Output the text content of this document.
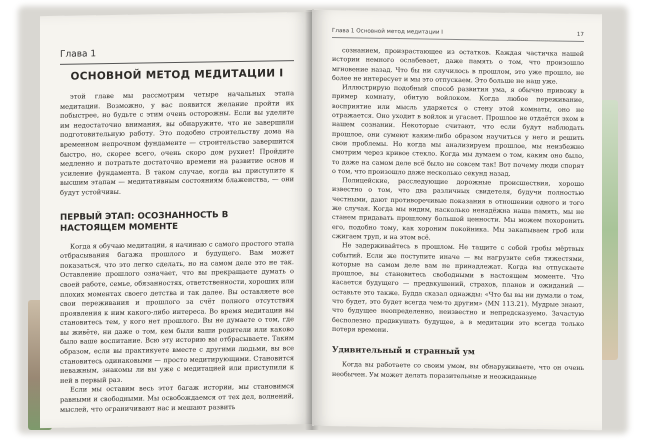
Глава 1
ОСНОВНОЙ МЕТОД МЕДИТАЦИИ I

этой главе мы рассмотрим четыре начальных этапа медитации. Возможно, у вас появится желание пройти их побыстрее, но будьте с этим очень осторожны. Если вы уделите им недостаточно внимания, вы обнаружите, что не завершили подготовительную работу. Это подобно строительству дома на временном непрочном фундаменте — строительство завершится быстро, но, скорее всего, очень скоро дом рухнет! Пройдите медленно и потратьте достаточно времени на развитие основ и усиление фундамента. В таком случае, когда вы приступите к высшим этапам — медитативным состояниям блаженства, — они будут устойчивы.

ПЕРВЫЙ ЭТАП: ОСОЗНАННОСТЬ В НАСТОЯЩЕМ МОМЕНТЕ

Когда я обучаю медитации, я начинаю с самого простого этапа отбрасывания багажа прошлого и будущего. Вам может показаться, что это легко сделать, но на самом деле это не так. Оставление прошлого означает, что вы прекращаете думать о своей работе, семье, обязанностях, ответственности, хороших или плохих моментах своего детства и так далее. Вы оставляете все свои переживания и прошлого за счёт полного отсутствия проявления к ним какого-либо интереса. Во время медитации вы становитесь тем, у кого нет прошлого. Вы не думаете о том, где вы живёте, ни даже о том, кем были ваши родители или каково было ваше воспитание. Всю эту историю вы отбрасываете. Таким образом, если вы практикуете вместе с другими людьми, вы все становитесь одинаковыми — просто медитирующими. Становится неважным, знакомы ли вы уже с медитацией или приступили к ней в первый раз.

Если мы оставим весь этот багаж истории, мы становимся равными и свободными. Мы освобождаемся от тех дел, волнений, мыслей, что ограничивают нас и мешают развить

Глава 1 Основной метод медитации I	17

сознанием, произрастающее из остатков. Каждая частичка нашей истории немного ослабевает, даже память о том, что произошло мгновение назад. Что бы ни случилось в прошлом, это уже прошло, не более не интересует и мы это отпускаем. Это больше не наш уже.

Иллюстрирую подобный способ развития ума, я обычно привожу в пример комнату, обитую войлоком. Когда любое переживание, восприятие или мысль ударяется о стену этой комнаты, оно не отражается. Оно уходит в войлок и угасает. Прошлое не отдаётся эхом в нашем сознании. Некоторые считают, что если будут наблюдать прошлое, они сумеют каким-либо образом научиться у него и решить свои проблемы. Но когда мы анализируем прошлое, мы неизбежно смотрим через кривое стекло. Когда мы думаем о том, каким оно было, то даже на самом деле всё было не совсем так! Вот почему люди спорят о том, что произошло даже несколько секунд назад.

Полицейские, расследующие дорожные происшествия, хорошо известно о том, что два различных свидетеля, будучи полностью честными, дают противоречивые показания в отношении одного и того же случая. Когда мы видим, насколько ненадёжна наша память, мы не станем придавать прошлому большой ценности. Мы можем похоронить его, подобно тому, как хороним покойника. Мы закапываем гроб или сжигаем труп, и на этом всё.

Не задерживайтесь в прошлом. Не тащите с собой гробы мёртвых событий. Если же поступите иначе — вы нагрузите себя тяжестями, которые на самом деле вам не принадлежат. Когда вы отпускаете прошлое, вы становитесь свободными в настоящем моменте. Что касается будущего — предвкушений, страхов, планов и ожиданий — оставьте это также. Будда сказал однажды: «Что бы вы ни думали о том, что будет, это будет всегда чем-то другим» (MN 113.21). Мудрые знают, что будущее неопределенно, неизвестно и непредсказуемо. Зачастую бесполезно предвкушать будущее, а в медитации это всегда только потеря времени.

Удивительный и странный ум

Когда вы работаете со своим умом, вы обнаруживаете, что он очень необычен. Ум может делать поразительные и неожиданные
